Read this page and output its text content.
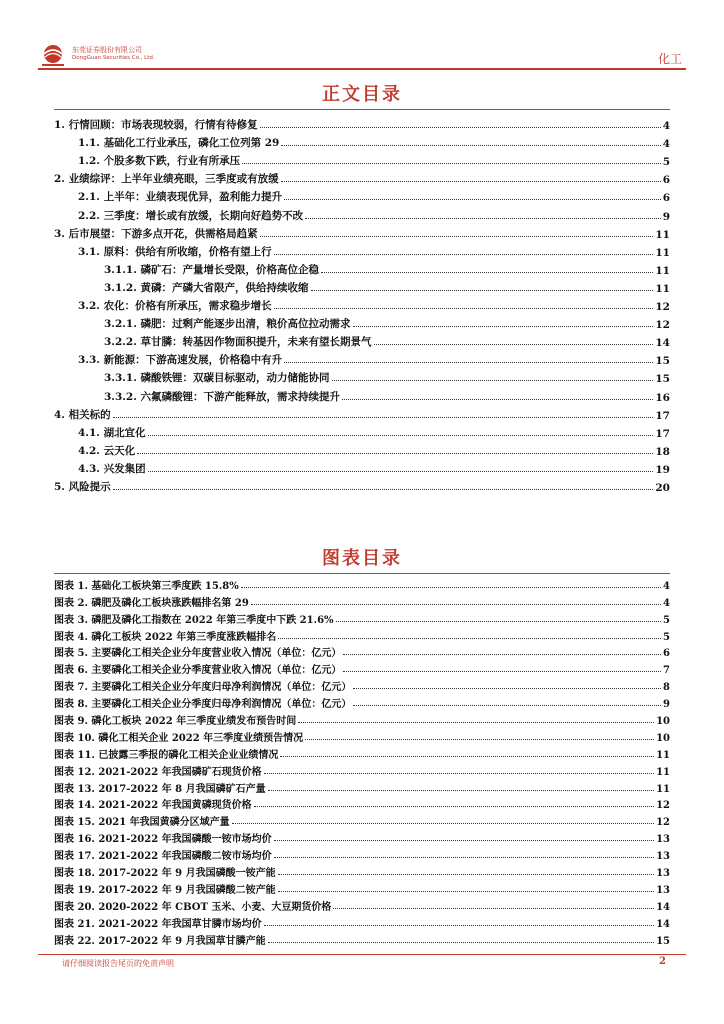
东莞证券股份有限公司
DongGuan Securities Co., Ltd.	化工
正文目录
1. 行情回顾：市场表现较弱，行情有待修复	4
1.1. 基础化工行业承压，磷化工位列第 29	4
1.2. 个股多数下跌，行业有所承压	5
2. 业绩综评：上半年业绩亮眼，三季度或有放缓	6
2.1. 上半年：业绩表现优异，盈利能力提升	6
2.2. 三季度：增长或有放缓，长期向好趋势不改	9
3. 后市展望：下游多点开花，供需格局趋紧	11
3.1. 原料：供给有所收缩，价格有望上行	11
3.1.1. 磷矿石：产量增长受限，价格高位企稳	11
3.1.2. 黄磷：产磷大省限产，供给持续收缩	11
3.2. 农化：价格有所承压，需求稳步增长	12
3.2.1. 磷肥：过剩产能逐步出清，粮价高位拉动需求	12
3.2.2. 草甘膦：转基因作物面积提升，未来有望长期景气	14
3.3. 新能源：下游高速发展，价格稳中有升	15
3.3.1. 磷酸铁锂：双碳目标驱动，动力储能协同	15
3.3.2. 六氟磷酸锂：下游产能释放，需求持续提升	16
4. 相关标的	17
4.1. 湖北宜化	17
4.2. 云天化	18
4.3. 兴发集团	19
5. 风险提示	20
图表目录
图表 1. 基础化工板块第三季度跌 15.8%	4
图表 2. 磷肥及磷化工板块涨跌幅排名第 29	4
图表 3. 磷肥及磷化工指数在 2022 年第三季度中下跌 21.6%	5
图表 4. 磷化工板块 2022 年第三季度涨跌幅排名	5
图表 5. 主要磷化工相关企业分年度营业收入情况（单位：亿元）	6
图表 6. 主要磷化工相关企业分季度营业收入情况（单位：亿元）	7
图表 7. 主要磷化工相关企业分年度归母净利润情况（单位：亿元）	8
图表 8. 主要磷化工相关企业分季度归母净利润情况（单位：亿元）	9
图表 9. 磷化工板块 2022 年三季度业绩发布预告时间	10
图表 10. 磷化工相关企业 2022 年三季度业绩预告情况	10
图表 11. 已披露三季报的磷化工相关企业业绩情况	11
图表 12. 2021-2022 年我国磷矿石现货价格	11
图表 13. 2017-2022 年 8 月我国磷矿石产量	11
图表 14. 2021-2022 年我国黄磷现货价格	12
图表 15. 2021 年我国黄磷分区域产量	12
图表 16. 2021-2022 年我国磷酸一铵市场均价	13
图表 17. 2021-2022 年我国磷酸二铵市场均价	13
图表 18. 2017-2022 年 9 月我国磷酸一铵产能	13
图表 19. 2017-2022 年 9 月我国磷酸二铵产能	13
图表 20. 2020-2022 年 CBOT 玉米、小麦、大豆期货价格	14
图表 21. 2021-2022 年我国草甘膦市场均价	14
图表 22. 2017-2022 年 9 月我国草甘膦产能	15
请仔细阅读报告尾页的免责声明	2
